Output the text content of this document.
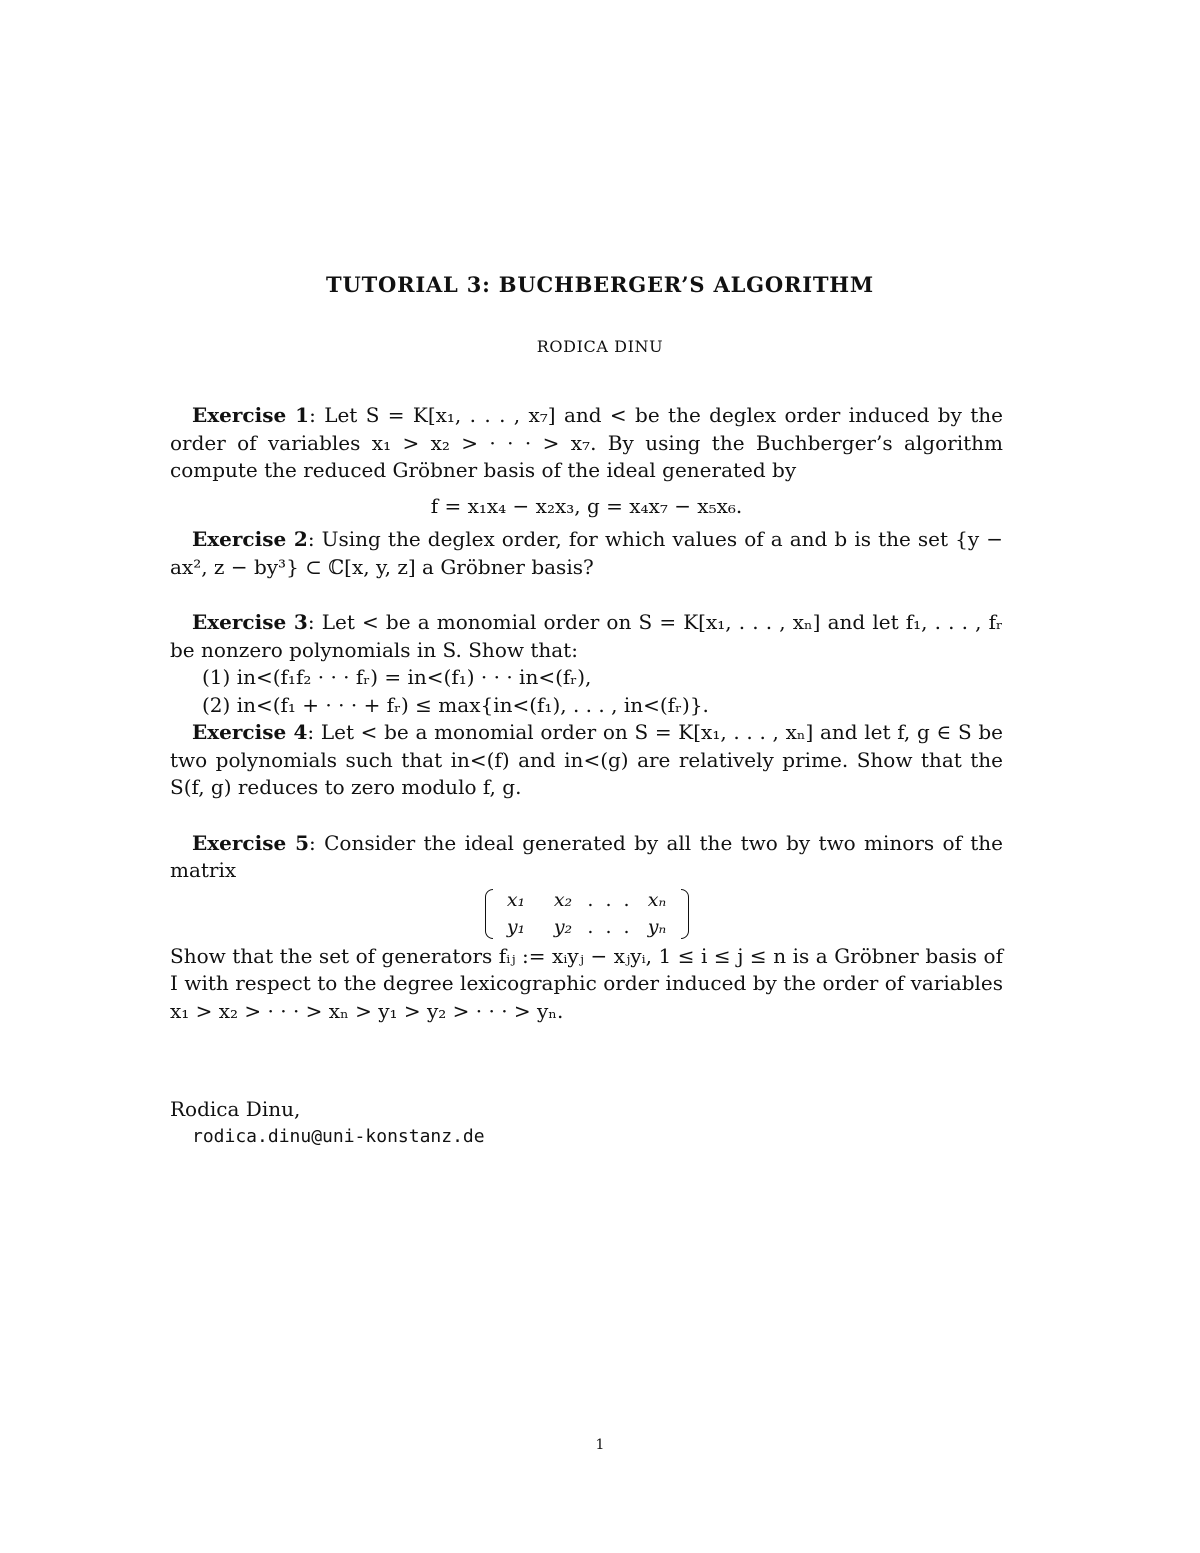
TUTORIAL 3: BUCHBERGER’S ALGORITHM
RODICA DINU

Exercise 1: Let S = K[x₁, . . . , x₇] and < be the deglex order induced by the order of variables x₁ > x₂ > · · · > x₇. By using the Buchberger’s algorithm compute the reduced Gröbner basis of the ideal generated by

f = x₁x₄ − x₂x₃, g = x₄x₇ − x₅x₆.

Exercise 2: Using the deglex order, for which values of a and b is the set {y − ax², z − by³} ⊂ ℂ[x, y, z] a Gröbner basis?

Exercise 3: Let < be a monomial order on S = K[x₁, . . . , xₙ] and let f₁, . . . , fᵣ be nonzero polynomials in S. Show that:

(1) in<(f₁f₂ · · · fᵣ) = in<(f₁) · · · in<(fᵣ),

(2) in<(f₁ + · · · + fᵣ) ≤ max{in<(f₁), . . . , in<(fᵣ)}.

Exercise 4: Let < be a monomial order on S = K[x₁, . . . , xₙ] and let f, g ∈ S be two polynomials such that in<(f) and in<(g) are relatively prime. Show that the S(f, g) reduces to zero modulo f, g.

Exercise 5: Consider the ideal generated by all the two by two minors of the matrix

x₁	x₂ . . . xₙ
y₁	y₂ . . . yₙ

Show that the set of generators fᵢⱼ := xᵢyⱼ − xⱼyᵢ, 1 ≤ i ≤ j ≤ n is a Gröbner basis of I with respect to the degree lexicographic order induced by the order of variables x₁ > x₂ > · · · > xₙ > y₁ > y₂ > · · · > yₙ.

Rodica Dinu,
rodica.dinu@uni-konstanz.de
1
